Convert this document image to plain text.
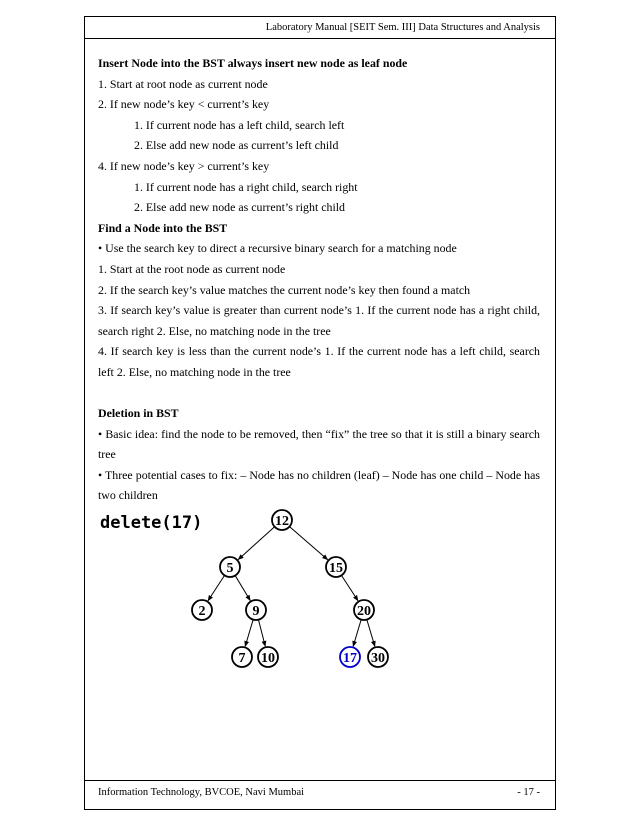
Laboratory Manual [SEIT Sem. III] Data Structures and Analysis

Insert Node into the BST always insert new node as leaf node

1. Start at root node as current node

2. If new node’s key < current’s key

1. If current node has a left child, search left

2. Else add new node as current’s left child

4. If new node’s key > current’s key

1. If current node has a right child, search right

2. Else add new node as current’s right child

Find a Node into the BST

• Use the search key to direct a recursive binary search for a matching node

1. Start at the root node as current node

2. If the search key’s value matches the current node’s key then found a match

3. If search key’s value is greater than current node’s 1. If the current node has a right child, search right 2. Else, no matching node in the tree

4. If search key is less than the current node’s 1. If the current node has a left child, search left 2. Else, no matching node in the tree

Deletion in BST

• Basic idea: find the node to be removed, then “fix” the tree so that it is still a binary search tree

• Three potential cases to fix: – Node has no children (leaf) – Node has one child – Node has two children

delete(17)	12
5	15
2	9	20
7 10	17 30
Information Technology, BVCOE, Navi Mumbai	- 17 -
